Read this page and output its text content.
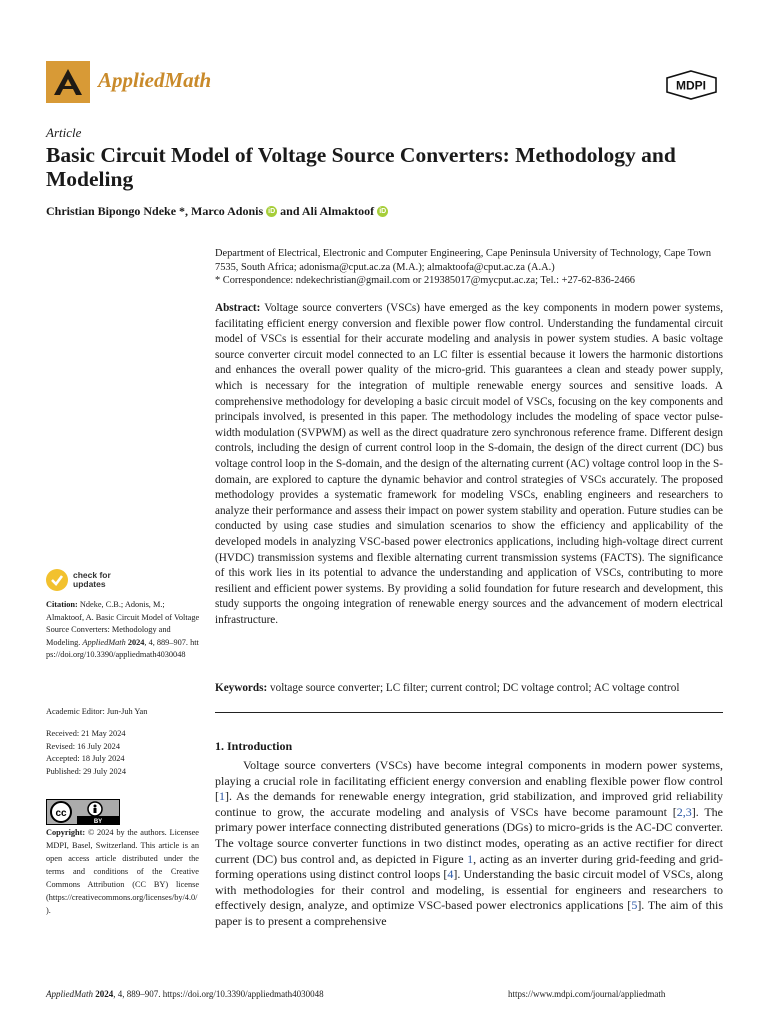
AppliedMath	MDPI
Article
Basic Circuit Model of Voltage Source Converters: Methodology and Modeling
Christian Bipongo Ndeke *, Marco Adonis iD and Ali Almaktoof iD

Department of Electrical, Electronic and Computer Engineering, Cape Peninsula University of Technology, Cape Town 7535, South Africa; adonisma@cput.ac.za (M.A.); almaktoofa@cput.ac.za (A.A.)

* Correspondence: ndekechristian@gmail.com or 219385017@mycput.ac.za; Tel.: +27-62-836-2466

Abstract: Voltage source converters (VSCs) have emerged as the key components in modern power systems, facilitating efficient energy conversion and flexible power flow control. Understanding the fundamental circuit model of VSCs is essential for their accurate modeling and analysis in power system studies. A basic voltage source converter circuit model connected to an LC filter is essential because it lowers the harmonic distortions and enhances the overall power quality of the micro-grid. This guarantees a clean and steady power supply, which is necessary for the integration of multiple renewable energy sources and sensitive loads. A comprehensive methodology for developing a basic circuit model of VSCs, focusing on the key components and principals involved, is presented in this paper. The methodology includes the modeling of space vector pulse-width modulation (SVPWM) as well as the direct quadrature zero synchronous reference frame. Different design controls, including the design of current control loop in the S-domain, the design of the direct current (DC) bus voltage control loop in the S-domain, and the design of the alternating current (AC) voltage control loop in the S-domain, are explored to capture the dynamic behavior and control strategies of VSCs accurately. The proposed methodology provides a systematic framework for modeling VSCs, enabling engineers and researchers to analyze their performance and assess their impact on power system stability and operation. Future studies can be conducted by using case studies and simulation scenarios to show the efficiency and applicability of the developed models in analyzing VSC-based power electronics applications, including high-voltage direct current (HVDC) transmission systems and flexible alternating current transmission systems (FACTS). The significance of this work lies in its potential to advance the understanding and application of VSCs, contributing to more resilient and efficient power systems. By providing a solid foundation for future research and development, this study supports the ongoing integration of renewable energy sources and the advancement of modern electrical infrastructure.

Keywords: voltage source converter; LC filter; current control; DC voltage control; AC voltage control
1. Introduction

Voltage source converters (VSCs) have become integral components in modern power systems, playing a crucial role in facilitating efficient energy conversion and enabling flexible power flow control [1]. As the demands for renewable energy integration, grid stabilization, and improved grid reliability continue to grow, the accurate modeling and analysis of VSCs have become paramount [2,3]. The primary power interface connecting distributed generations (DGs) to micro-grids is the AC-DC converter. The voltage source converter functions in two distinct modes, operating as an active rectifier for direct current (DC) bus control and, as depicted in Figure 1, acting as an inverter during grid-feeding and grid-forming operations using distinct control loops [4]. Understanding the basic circuit model of VSCs, along with methodologies for their control and modeling, is essential for engineers and researchers to effectively design, analyze, and optimize VSC-based power electronics applications [5]. The aim of this paper is to present a comprehensive

check for
updates

Citation: Ndeke, C.B.; Adonis, M.; Almaktoof, A. Basic Circuit Model of Voltage Source Converters: Methodology and Modeling. AppliedMath 2024, 4, 889–907. https://doi.org/10.3390/appliedmath4030048

Academic Editor: Jun-Juh Yan

Received: 21 May 2024

Revised: 16 July 2024

Accepted: 18 July 2024

Published: 29 July 2024

cc
BY

Copyright: © 2024 by the authors. Licensee MDPI, Basel, Switzerland. This article is an open access article distributed under the terms and conditions of the Creative Commons Attribution (CC BY) license (https://creativecommons.org/licenses/by/4.0/).

AppliedMath 2024, 4, 889–907. https://doi.org/10.3390/appliedmath4030048	https://www.mdpi.com/journal/appliedmath
